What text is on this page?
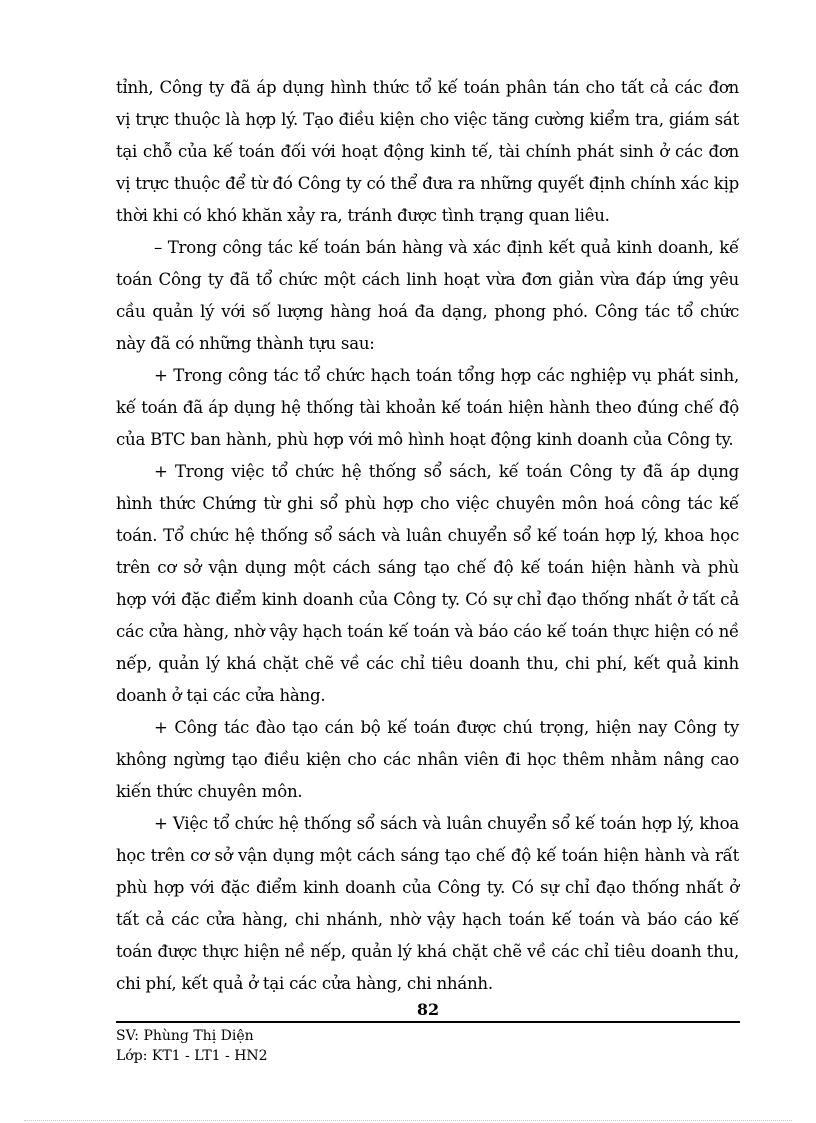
tỉnh, Công ty đã áp dụng hình thức tổ kế toán phân tán cho tất cả các đơn vị trực thuộc là hợp lý. Tạo điều kiện cho việc tăng cường kiểm tra, giám sát tại chỗ của kế toán đối với hoạt động kinh tế, tài chính phát sinh ở các đơn vị trực thuộc để từ đó Công ty có thể đưa ra những quyết định chính xác kịp thời khi có khó khăn xảy ra, tránh được tình trạng quan liêu.

– Trong công tác kế toán bán hàng và xác định kết quả kinh doanh, kế toán Công ty đã tổ chức một cách linh hoạt vừa đơn giản vừa đáp ứng yêu cầu quản lý với số lượng hàng hoá đa dạng, phong phó. Công tác tổ chức này đã có những thành tựu sau:

+ Trong công tác tổ chức hạch toán tổng hợp các nghiệp vụ phát sinh, kế toán đã áp dụng hệ thống tài khoản kế toán hiện hành theo đúng chế độ của BTC ban hành, phù hợp với mô hình hoạt động kinh doanh của Công ty.

+ Trong việc tổ chức hệ thống sổ sách, kế toán Công ty đã áp dụng hình thức Chứng từ ghi sổ phù hợp cho việc chuyên môn hoá công tác kế toán. Tổ chức hệ thống sổ sách và luân chuyển sổ kế toán hợp lý, khoa học trên cơ sở vận dụng một cách sáng tạo chế độ kế toán hiện hành và phù hợp với đặc điểm kinh doanh của Công ty. Có sự chỉ đạo thống nhất ở tất cả các cửa hàng, nhờ vậy hạch toán kế toán và báo cáo kế toán thực hiện có nề nếp, quản lý khá chặt chẽ về các chỉ tiêu doanh thu, chi phí, kết quả kinh doanh ở tại các cửa hàng.

+ Công tác đào tạo cán bộ kế toán được chú trọng, hiện nay Công ty không ngừng tạo điều kiện cho các nhân viên đi học thêm nhằm nâng cao kiến thức chuyên môn.

+ Việc tổ chức hệ thống sổ sách và luân chuyển sổ kế toán hợp lý, khoa học trên cơ sở vận dụng một cách sáng tạo chế độ kế toán hiện hành và rất phù hợp với đặc điểm kinh doanh của Công ty. Có sự chỉ đạo thống nhất ở tất cả các cửa hàng, chi nhánh, nhờ vậy hạch toán kế toán và báo cáo kế toán được thực hiện nề nếp, quản lý khá chặt chẽ về các chỉ tiêu doanh thu, chi phí, kết quả ở tại các cửa hàng, chi nhánh.

82

SV: Phùng Thị Diện

Lớp: KT1 - LT1 - HN2
